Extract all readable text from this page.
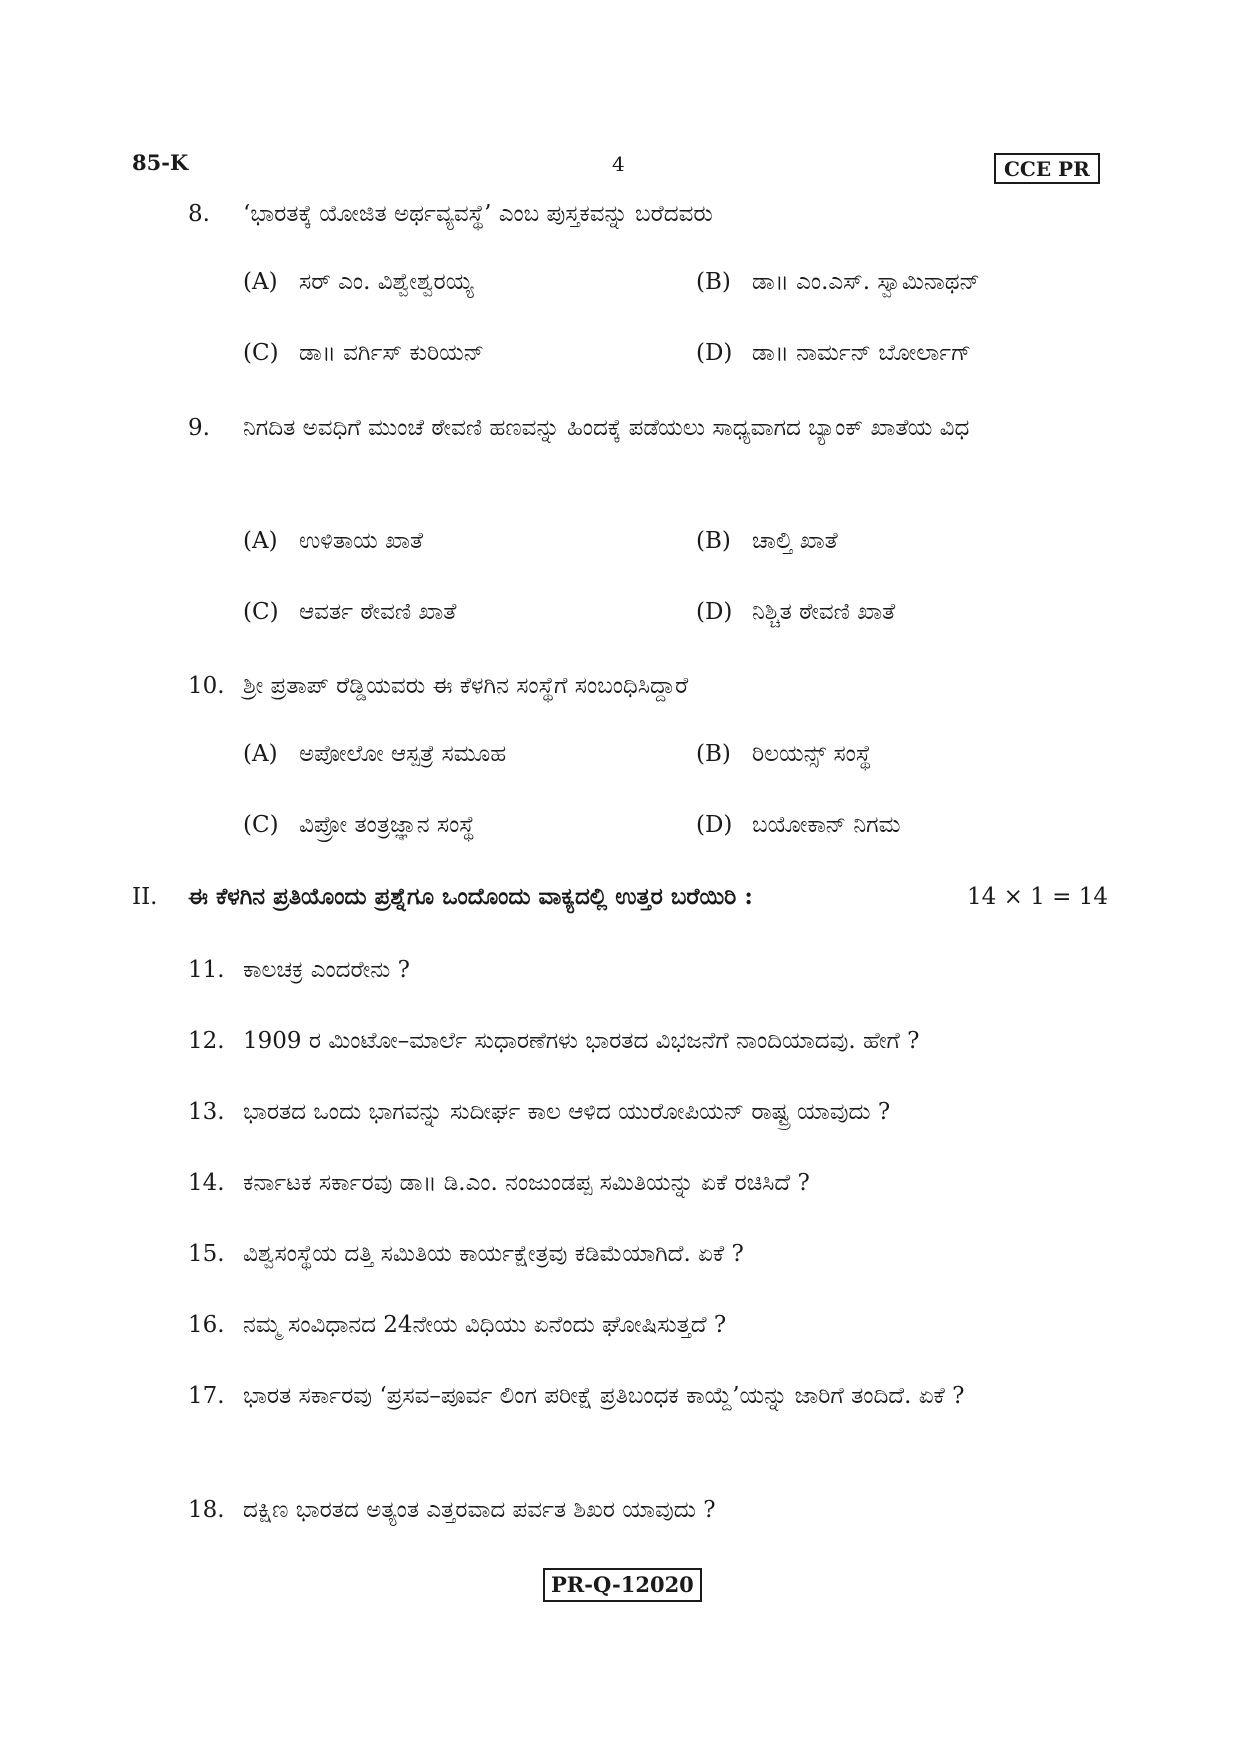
85-K	4	CCE PR
8. ‘ಭಾರತಕ್ಕೆ ಯೋಜಿತ ಅರ್ಥವ್ಯವಸ್ಥೆ’ ಎಂಬ ಪುಸ್ತಕವನ್ನು ಬರೆದವರು
(A) ಸರ್ ಎಂ. ವಿಶ್ವೇಶ್ವರಯ್ಯ	(B) ಡಾ॥ ಎಂ.ಎಸ್. ಸ್ವಾಮಿನಾಥನ್
(C) ಡಾ॥ ವರ್ಗಿಸ್ ಕುರಿಯನ್	(D) ಡಾ॥ ನಾರ್ಮನ್ ಬೋರ್ಲಾಗ್
9. ನಿಗದಿತ ಅವಧಿಗೆ ಮುಂಚೆ ಠೇವಣಿ ಹಣವನ್ನು ಹಿಂದಕ್ಕೆ ಪಡೆಯಲು ಸಾಧ್ಯವಾಗದ ಬ್ಯಾಂಕ್ ಖಾತೆಯ ವಿಧ
(A) ಉಳಿತಾಯ ಖಾತೆ	(B) ಚಾಲ್ತಿ ಖಾತೆ
(C) ಆವರ್ತ ಠೇವಣಿ ಖಾತೆ	(D) ನಿಶ್ಚಿತ ಠೇವಣಿ ಖಾತೆ
10. ಶ್ರೀ ಪ್ರತಾಪ್ ರೆಡ್ಡಿಯವರು ಈ ಕೆಳಗಿನ ಸಂಸ್ಥೆಗೆ ಸಂಬಂಧಿಸಿದ್ದಾರೆ
(A) ಅಪೋಲೋ ಆಸ್ಪತ್ರೆ ಸಮೂಹ	(B) ರಿಲಯನ್ಸ್ ಸಂಸ್ಥೆ
(C) ವಿಪ್ರೋ ತಂತ್ರಜ್ಞಾನ ಸಂಸ್ಥೆ	(D) ಬಯೋಕಾನ್ ನಿಗಮ
II. ಈ ಕೆಳಗಿನ ಪ್ರತಿಯೊಂದು ಪ್ರಶ್ನೆಗೂ ಒಂದೊಂದು ವಾಕ್ಯದಲ್ಲಿ ಉತ್ತರ ಬರೆಯಿರಿ :	14 × 1 = 14
11. ಕಾಲಚಕ್ರ ಎಂದರೇನು ?
12. 1909 ರ ಮಿಂಟೋ–ಮಾರ್ಲೆ ಸುಧಾರಣೆಗಳು ಭಾರತದ ವಿಭಜನೆಗೆ ನಾಂದಿಯಾದವು. ಹೇಗೆ ?
13. ಭಾರತದ ಒಂದು ಭಾಗವನ್ನು ಸುದೀರ್ಘ ಕಾಲ ಆಳಿದ ಯುರೋಪಿಯನ್ ರಾಷ್ಟ್ರ ಯಾವುದು ?
14. ಕರ್ನಾಟಕ ಸರ್ಕಾರವು ಡಾ॥ ಡಿ.ಎಂ. ನಂಜುಂಡಪ್ಪ ಸಮಿತಿಯನ್ನು ಏಕೆ ರಚಿಸಿದೆ ?
15. ವಿಶ್ವಸಂಸ್ಥೆಯ ದತ್ತಿ ಸಮಿತಿಯ ಕಾರ್ಯಕ್ಷೇತ್ರವು ಕಡಿಮೆಯಾಗಿದೆ. ಏಕೆ ?
16. ನಮ್ಮ ಸಂವಿಧಾನದ 24ನೇಯ ವಿಧಿಯು ಏನೆಂದು ಘೋಷಿಸುತ್ತದೆ ?
17. ಭಾರತ ಸರ್ಕಾರವು ‘ಪ್ರಸವ–ಪೂರ್ವ ಲಿಂಗ ಪರೀಕ್ಷೆ ಪ್ರತಿಬಂಧಕ ಕಾಯ್ದೆ’ಯನ್ನು ಜಾರಿಗೆ ತಂದಿದೆ. ಏಕೆ ?
18. ದಕ್ಷಿಣ ಭಾರತದ ಅತ್ಯಂತ ಎತ್ತರವಾದ ಪರ್ವತ ಶಿಖರ ಯಾವುದು ?
PR-Q-12020
